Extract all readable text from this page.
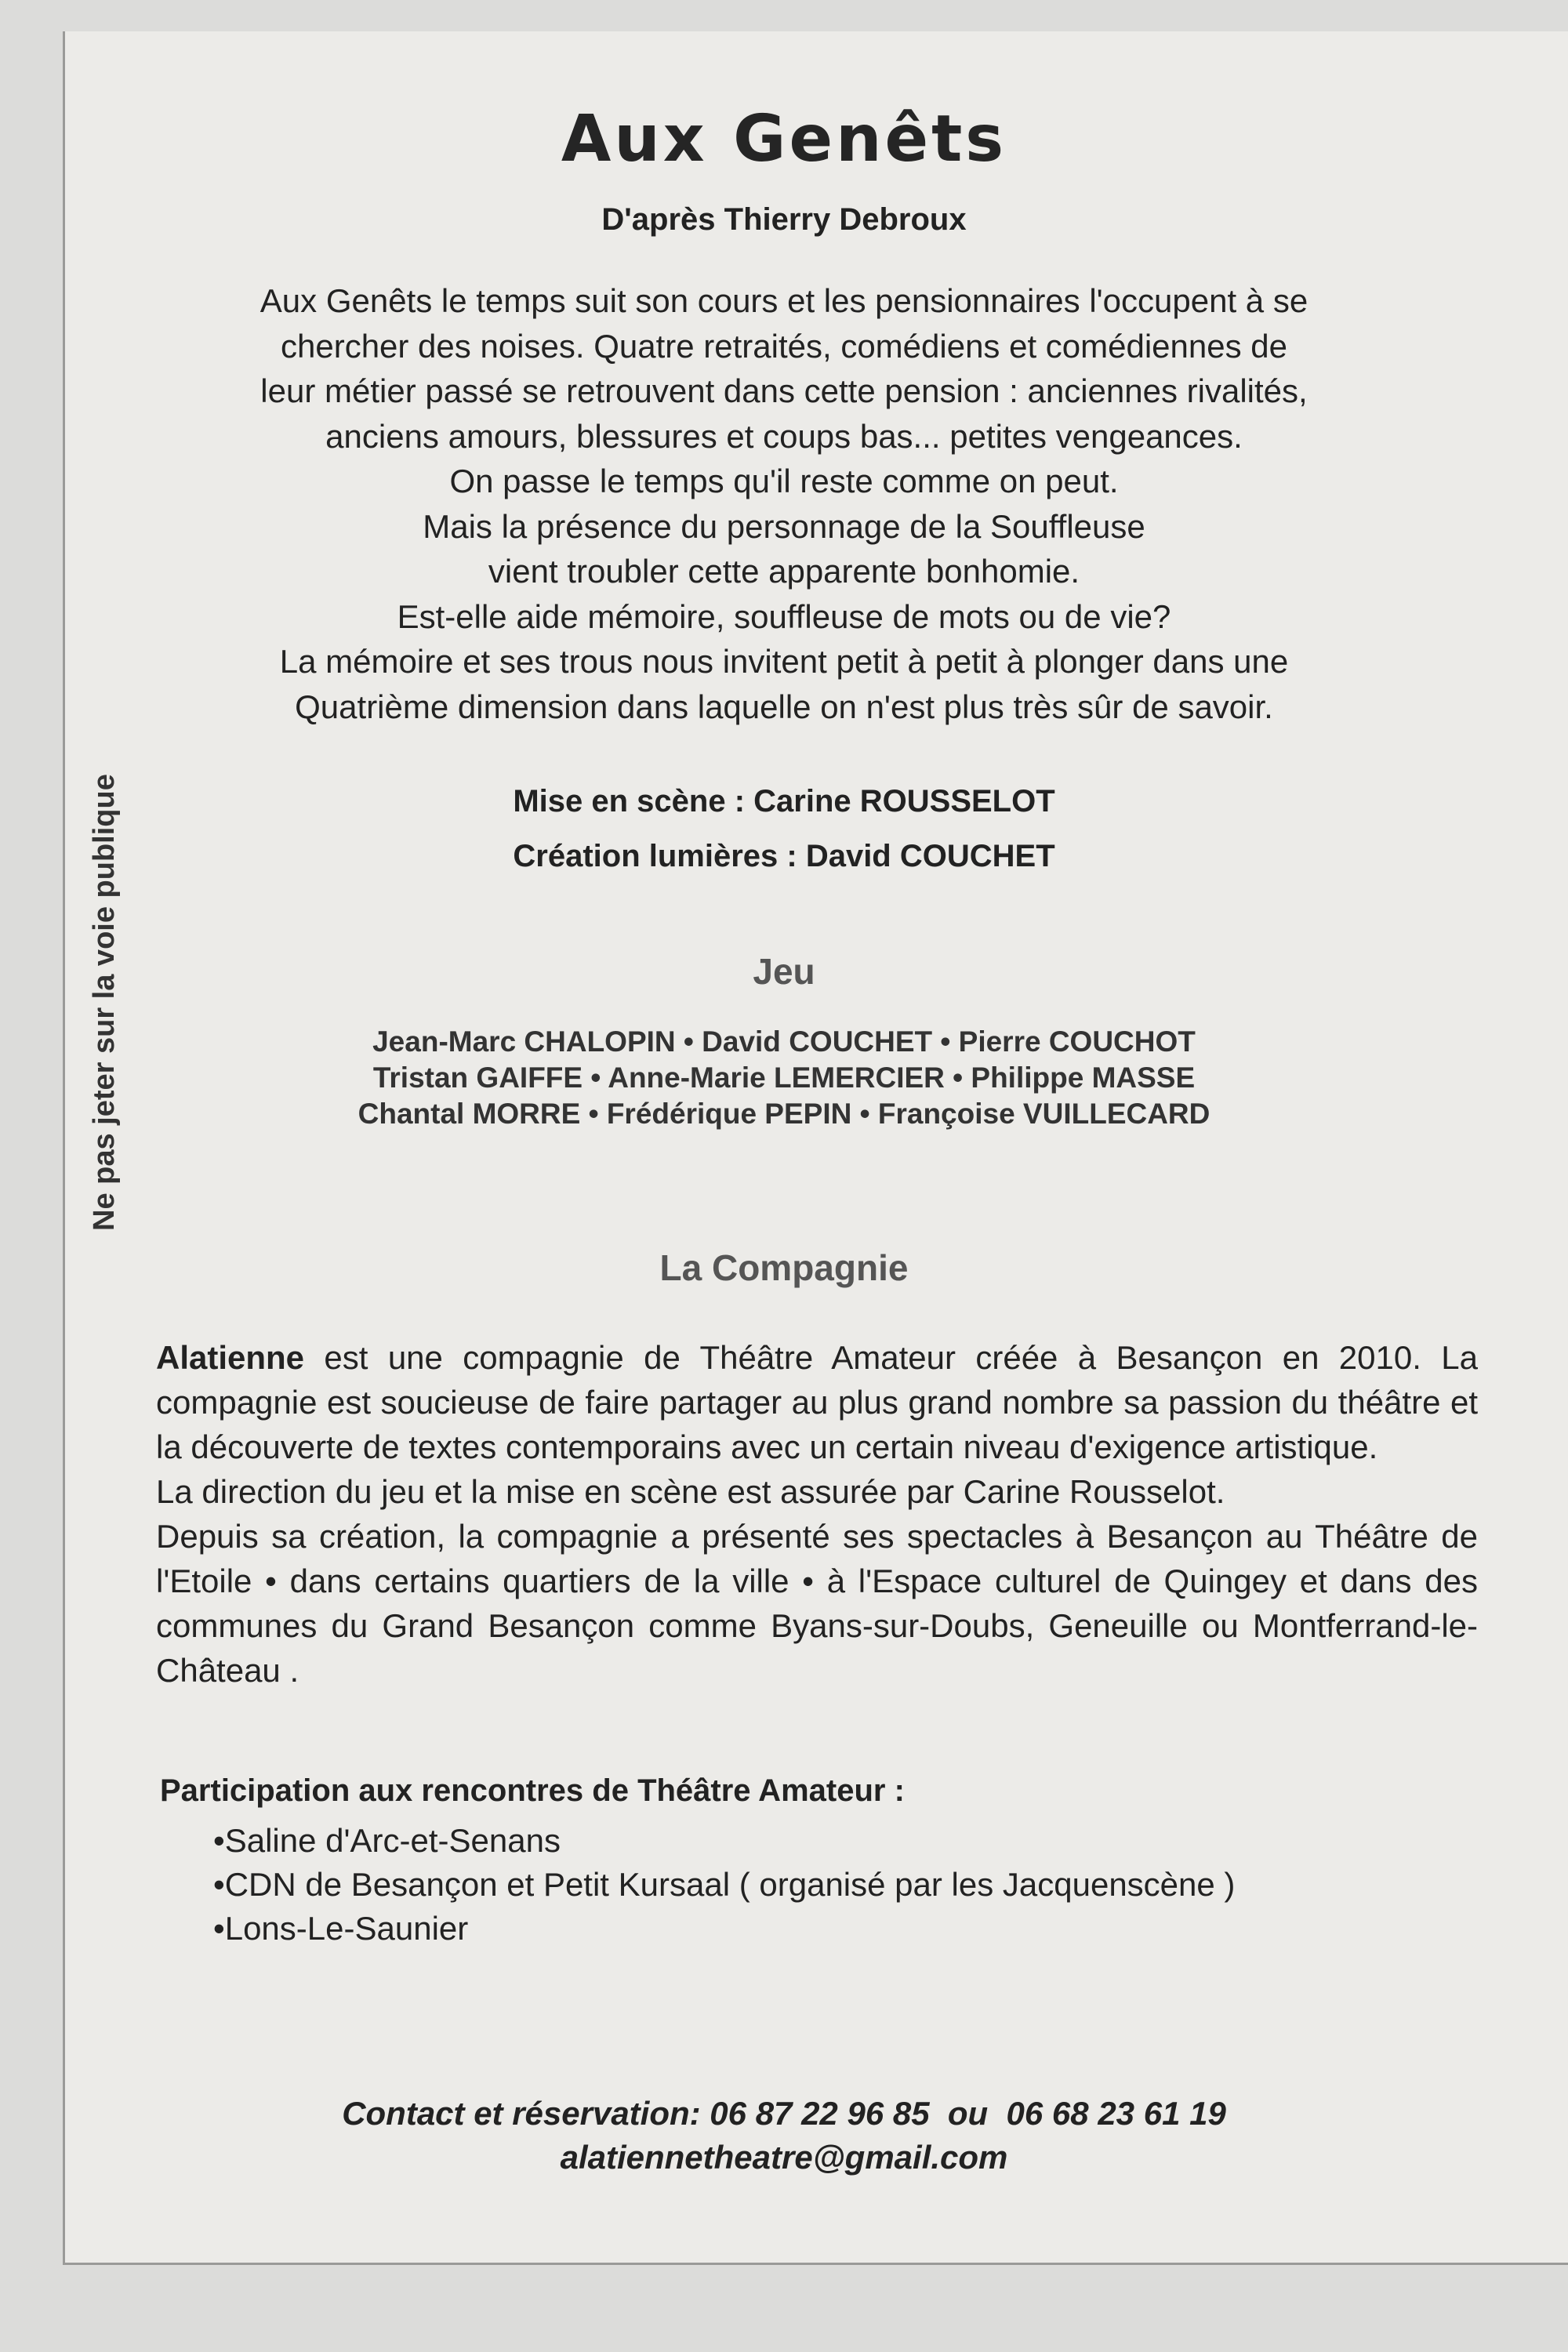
Ne pas jeter sur la voie publique
Aux Genêts
D'après Thierry Debroux
Aux Genêts le temps suit son cours et les pensionnaires l'occupent à se
chercher des noises. Quatre retraités, comédiens et comédiennes de
leur métier passé se retrouvent dans cette pension : anciennes rivalités,
anciens amours, blessures et coups bas... petites vengeances.
On passe le temps qu'il reste comme on peut.
Mais la présence du personnage de la Souffleuse
vient troubler cette apparente bonhomie.
Est-elle aide mémoire, souffleuse de mots ou de vie?
La mémoire et ses trous nous invitent petit à petit à plonger dans une
Quatrième dimension dans laquelle on n'est plus très sûr de savoir.
Mise en scène : Carine ROUSSELOT
Création lumières : David COUCHET
Jeu
Jean-Marc CHALOPIN • David COUCHET • Pierre COUCHOT
Tristan GAIFFE • Anne-Marie LEMERCIER • Philippe MASSE
Chantal MORRE • Frédérique PEPIN • Françoise VUILLECARD
La Compagnie

Alatienne est une compagnie de Théâtre Amateur créée à Besançon en 2010. La compagnie est soucieuse de faire partager au plus grand nombre sa passion du théâtre et la découverte de textes contemporains avec un certain niveau d'exigence artistique.

La direction du jeu et la mise en scène est assurée par Carine Rousselot.

Depuis sa création, la compagnie a présenté ses spectacles à Besançon au Théâtre de l'Etoile • dans certains quartiers de la ville • à l'Espace culturel de Quingey et dans des communes du Grand Besançon comme Byans-sur-Doubs, Geneuille ou Montferrand-le-Château .

Participation aux rencontres de Théâtre Amateur :
• Saline d'Arc-et-Senans
• CDN de Besançon et Petit Kursaal ( organisé par les Jacquenscène )
• Lons-Le-Saunier
Contact et réservation: 06 87 22 96 85  ou  06 68 23 61 19
alatiennetheatre@gmail.com
